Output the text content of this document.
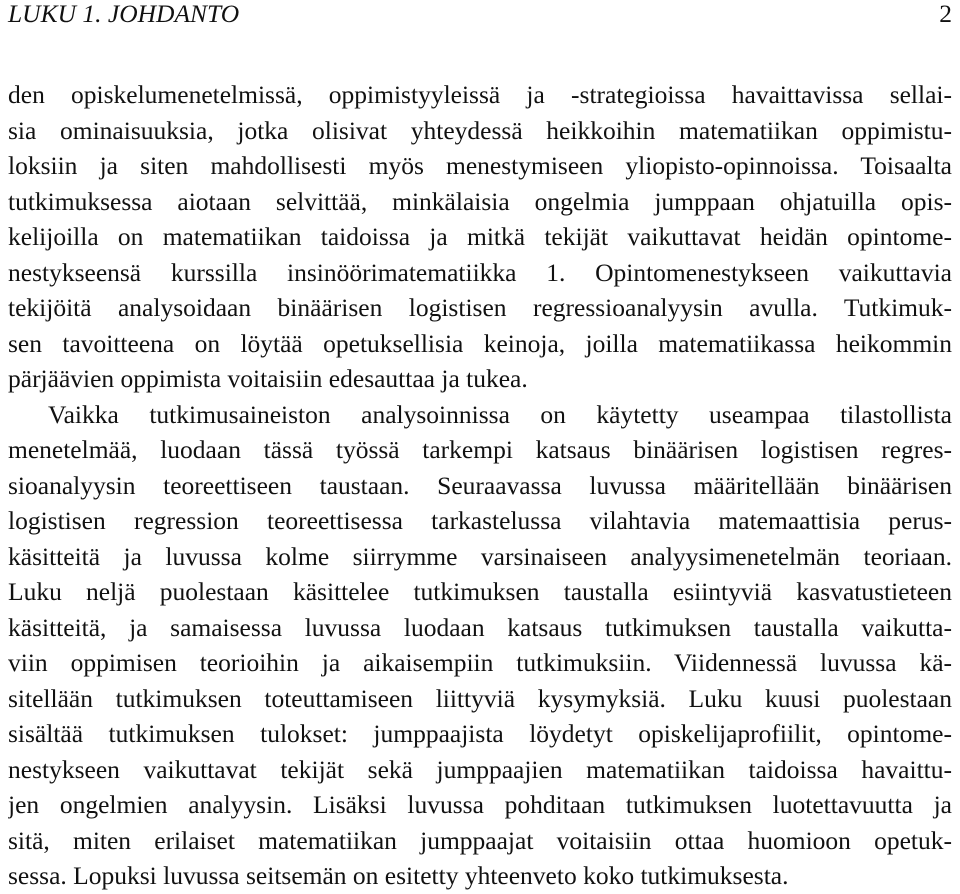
LUKU 1. JOHDANTO	2
den opiskelumenetelmissä, oppimistyyleissä ja -strategioissa havaittavissa sellai-
sia ominaisuuksia, jotka olisivat yhteydessä heikkoihin matematiikan oppimistu-
loksiin ja siten mahdollisesti myös menestymiseen yliopisto-opinnoissa. Toisaalta
tutkimuksessa aiotaan selvittää, minkälaisia ongelmia jumppaan ohjatuilla opis-
kelijoilla on matematiikan taidoissa ja mitkä tekijät vaikuttavat heidän opintome-
nestykseensä kurssilla insinöörimatematiikka 1. Opintomenestykseen vaikuttavia
tekijöitä analysoidaan binäärisen logistisen regressioanalyysin avulla. Tutkimuk-
sen tavoitteena on löytää opetuksellisia keinoja, joilla matematiikassa heikommin
pärjäävien oppimista voitaisiin edesauttaa ja tukea.
Vaikka tutkimusaineiston analysoinnissa on käytetty useampaa tilastollista
menetelmää, luodaan tässä työssä tarkempi katsaus binäärisen logistisen regres-
sioanalyysin teoreettiseen taustaan. Seuraavassa luvussa määritellään binäärisen
logistisen regression teoreettisessa tarkastelussa vilahtavia matemaattisia perus-
käsitteitä ja luvussa kolme siirrymme varsinaiseen analyysimenetelmän teoriaan.
Luku neljä puolestaan käsittelee tutkimuksen taustalla esiintyviä kasvatustieteen
käsitteitä, ja samaisessa luvussa luodaan katsaus tutkimuksen taustalla vaikutta-
viin oppimisen teorioihin ja aikaisempiin tutkimuksiin. Viidennessä luvussa kä-
sitellään tutkimuksen toteuttamiseen liittyviä kysymyksiä. Luku kuusi puolestaan
sisältää tutkimuksen tulokset: jumppaajista löydetyt opiskelijaprofiilit, opintome-
nestykseen vaikuttavat tekijät sekä jumppaajien matematiikan taidoissa havaittu-
jen ongelmien analyysin. Lisäksi luvussa pohditaan tutkimuksen luotettavuutta ja
sitä, miten erilaiset matematiikan jumppaajat voitaisiin ottaa huomioon opetuk-
sessa. Lopuksi luvussa seitsemän on esitetty yhteenveto koko tutkimuksesta.
